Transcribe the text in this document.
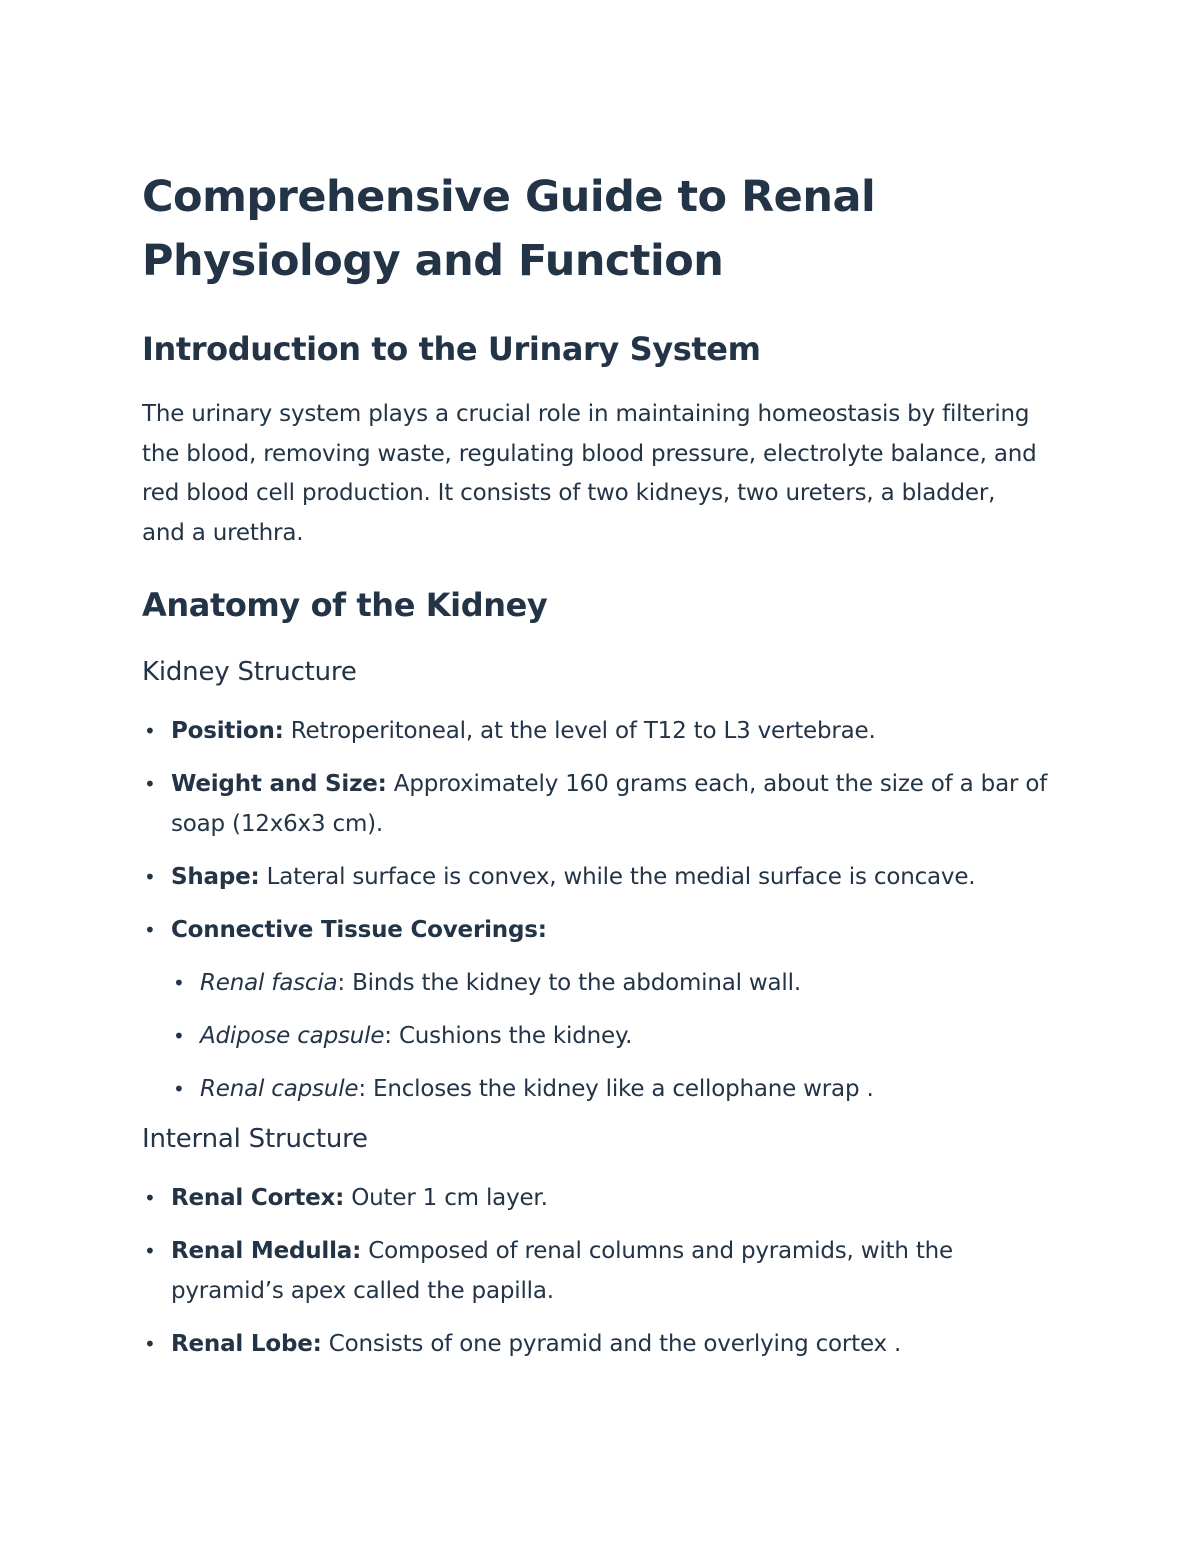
Comprehensive Guide to Renal Physiology and Function
Introduction to the Urinary System

The urinary system plays a crucial role in maintaining homeostasis by filtering the blood, removing waste, regulating blood pressure, electrolyte balance, and red blood cell production. It consists of two kidneys, two ureters, a bladder, and a urethra.

Anatomy of the Kidney
Kidney Structure
• Position: Retroperitoneal, at the level of T12 to L3 vertebrae.
• Weight and Size: Approximately 160 grams each, about the size of a bar of soap (12x6x3 cm).
• Shape: Lateral surface is convex, while the medial surface is concave.
• Connective Tissue Coverings:
• Renal fascia: Binds the kidney to the abdominal wall.
• Adipose capsule: Cushions the kidney.
• Renal capsule: Encloses the kidney like a cellophane wrap .
Internal Structure
• Renal Cortex: Outer 1 cm layer.
• Renal Medulla: Composed of renal columns and pyramids, with the pyramid’s apex called the papilla.
• Renal Lobe: Consists of one pyramid and the overlying cortex .
